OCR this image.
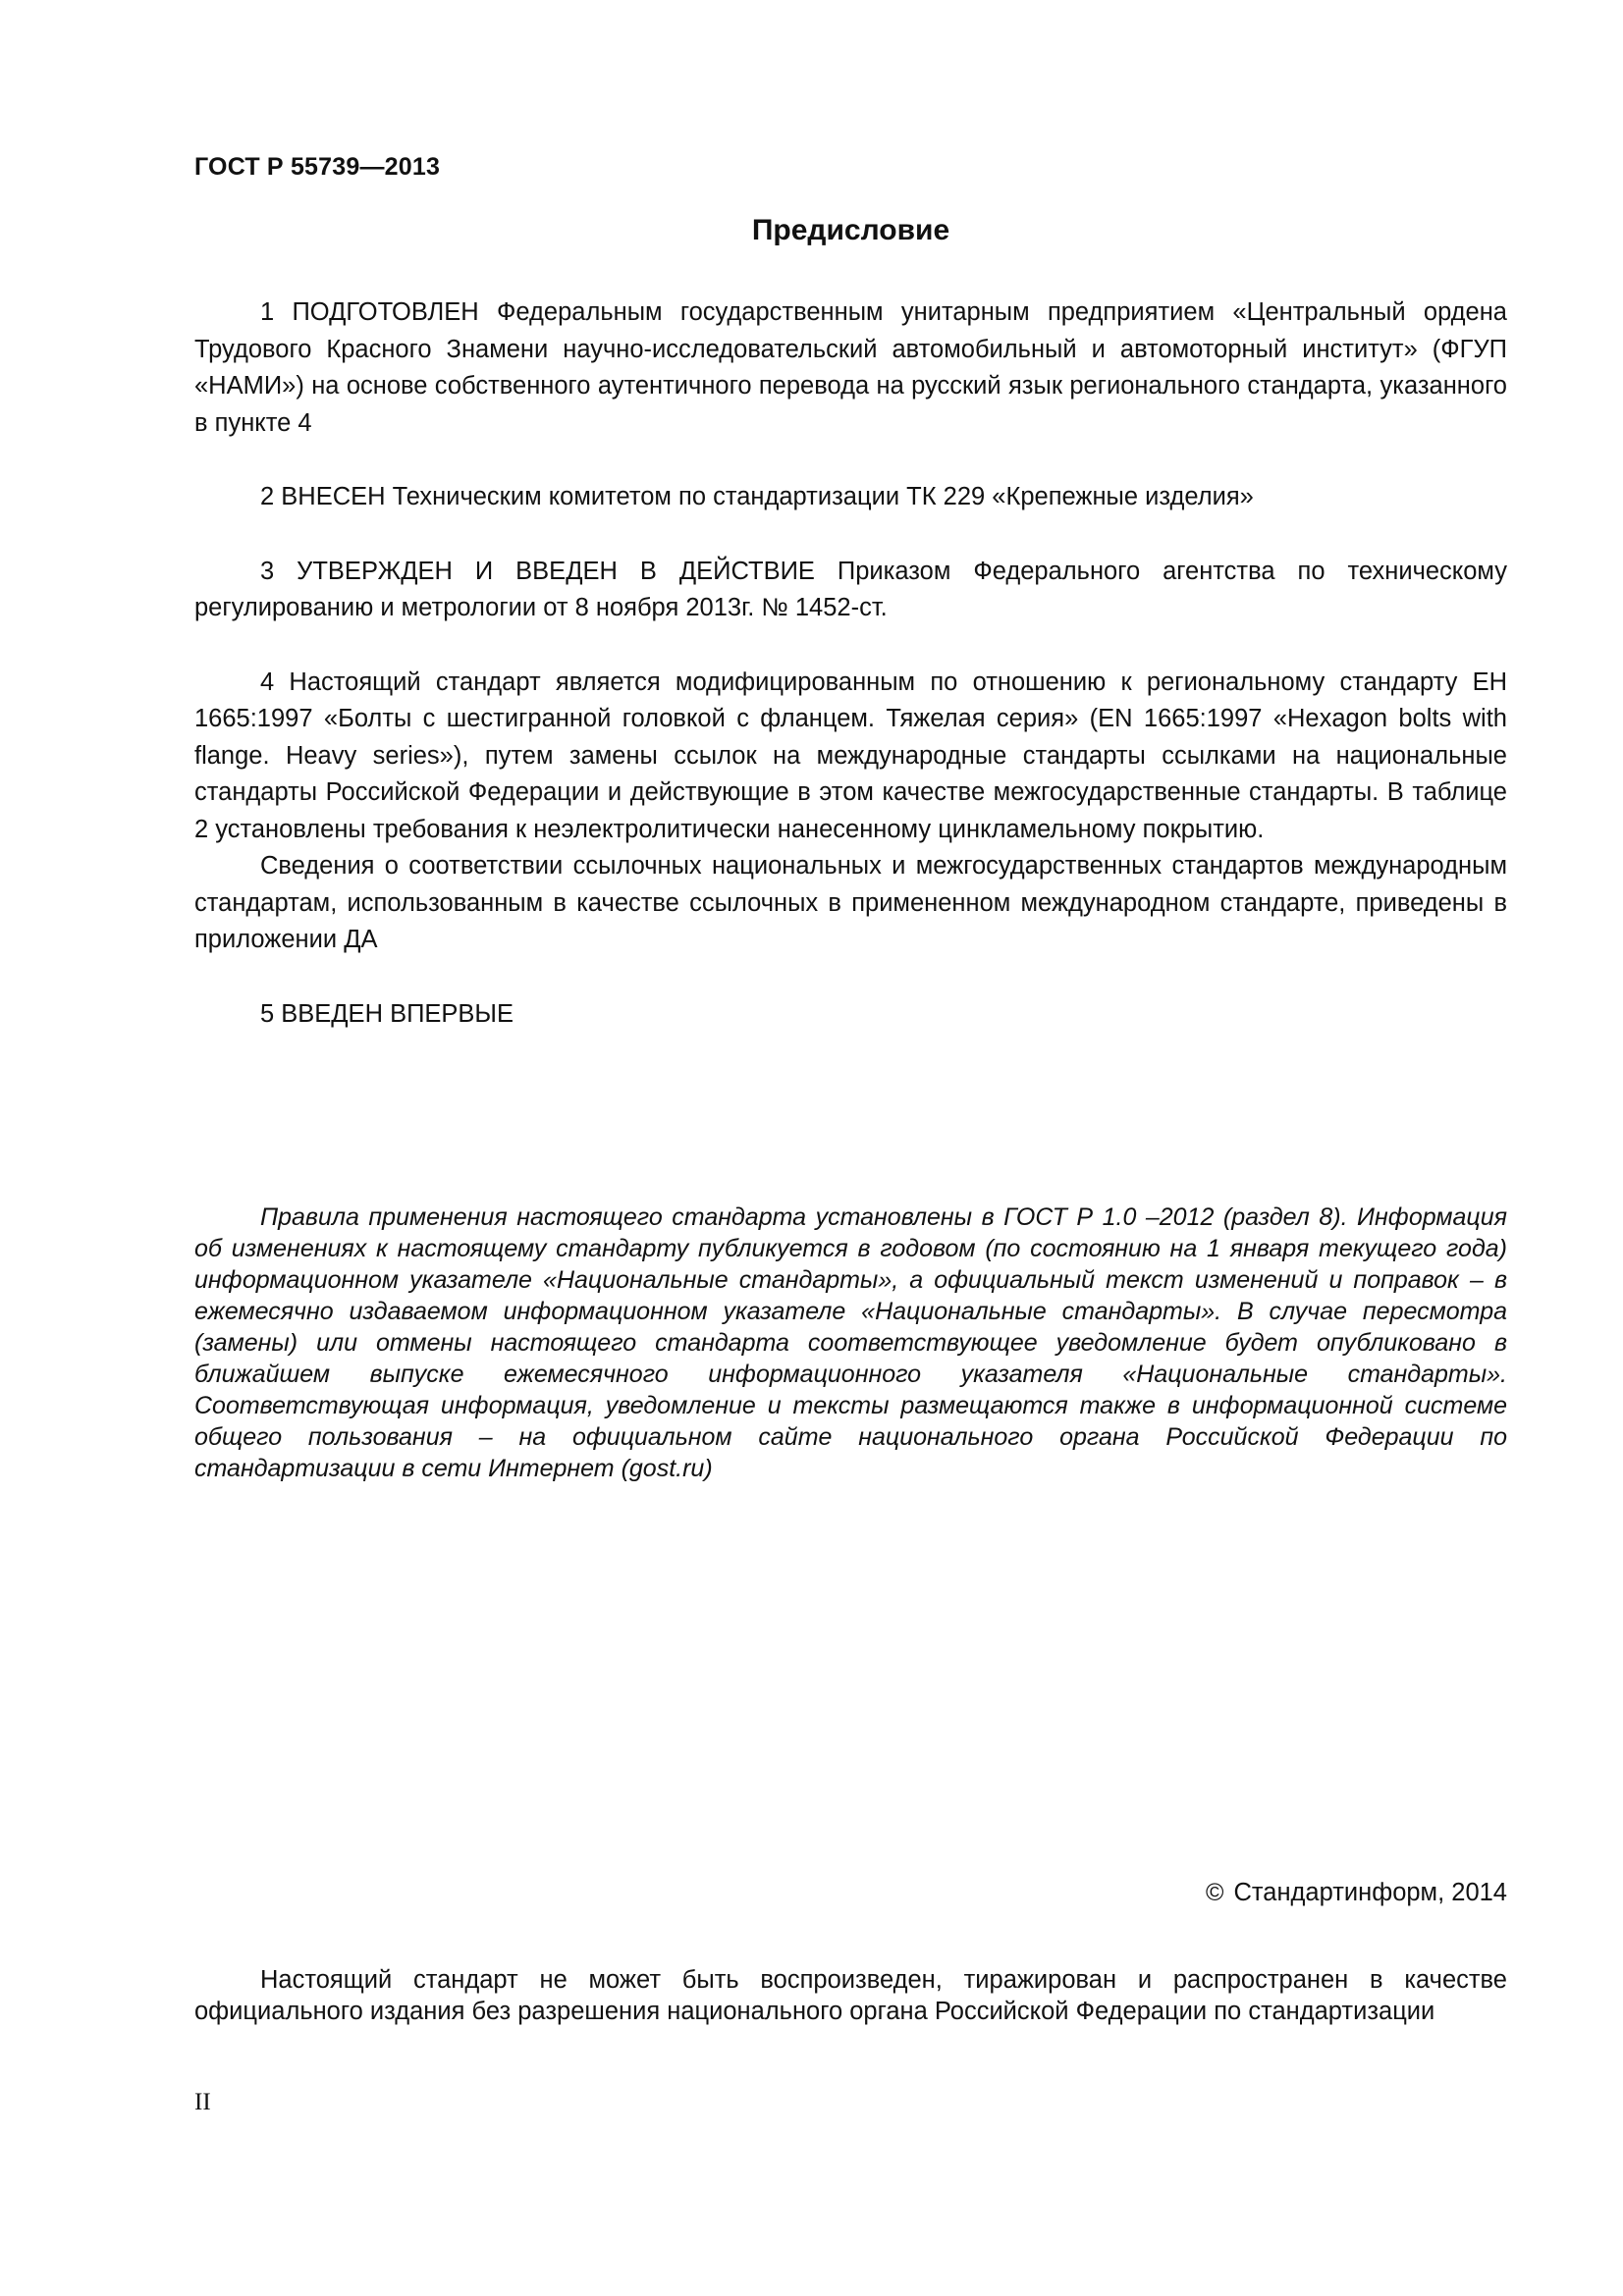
ГОСТ Р 55739—2013
Предисловие

1 ПОДГОТОВЛЕН Федеральным государственным унитарным предприятием «Центральный ордена Трудового Красного Знамени научно-исследовательский автомобильный и автомоторный институт» (ФГУП «НАМИ») на основе собственного аутентичного перевода на русский язык регионального стандарта, указанного в пункте 4

2 ВНЕСЕН Техническим комитетом по стандартизации ТК 229 «Крепежные изделия»

3 УТВЕРЖДЕН И ВВЕДЕН В ДЕЙСТВИЕ Приказом Федерального агентства по техническому регулированию и метрологии от 8 ноября 2013г. № 1452-ст.

4 Настоящий стандарт является модифицированным по отношению к региональному стандарту ЕН 1665:1997 «Болты с шестигранной головкой с фланцем. Тяжелая серия» (EN 1665:1997 «Hexagon bolts with flange. Heavy series»), путем замены ссылок на международные стандарты ссылками на национальные стандарты Российской Федерации и действующие в этом качестве межгосударственные стандарты. В таблице 2 установлены требования к неэлектролитически нанесенному цинкламельному покрытию.

Сведения о соответствии ссылочных национальных и межгосударственных стандартов международным стандартам, использованным в качестве ссылочных в примененном международном стандарте, приведены в приложении ДА

5 ВВЕДЕН ВПЕРВЫЕ

Правила применения настоящего стандарта установлены в ГОСТ Р 1.0 –2012 (раздел 8). Информация об изменениях к настоящему стандарту публикуется в годовом (по состоянию на 1 января текущего года) информационном указателе «Национальные стандарты», а официальный текст изменений и поправок – в ежемесячно издаваемом информационном указателе «Национальные стандарты». В случае пересмотра (замены) или отмены настоящего стандарта соответствующее уведомление будет опубликовано в ближайшем выпуске ежемесячного информационного указателя «Национальные стандарты». Соответствующая информация, уведомление и тексты размещаются также в информационной системе общего пользования – на официальном сайте национального органа Российской Федерации по стандартизации в сети Интернет (gost.ru)

© Стандартинформ, 2014

Настоящий стандарт не может быть воспроизведен, тиражирован и распространен в качестве официального издания без разрешения национального органа Российской Федерации по стандартизации

II
